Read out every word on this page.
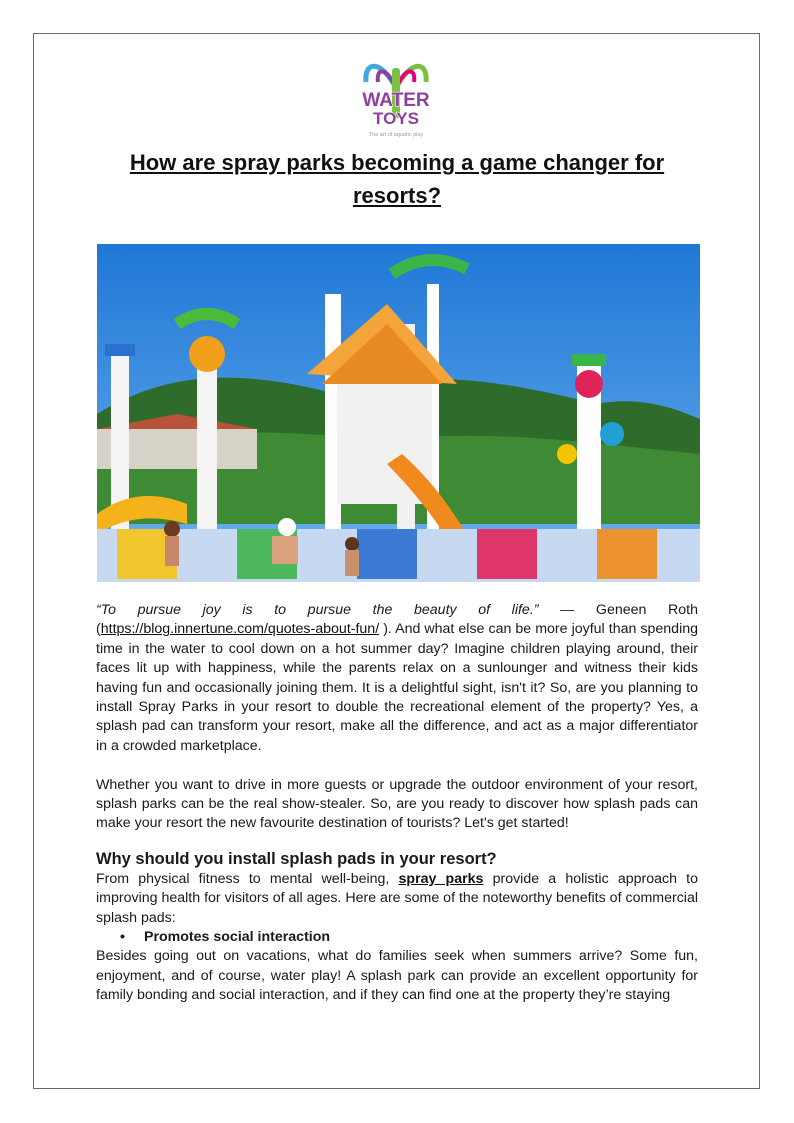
WATER
TOYS
The art of aquatic play
How are spray parks becoming a game changer for resorts?

“To pursue joy is to pursue the beauty of life.” — Geneen Roth (https://blog.innertune.com/quotes-about-fun/ ). And what else can be more joyful than spending time in the water to cool down on a hot summer day? Imagine children playing around, their faces lit up with happiness, while the parents relax on a sunlounger and witness their kids having fun and occasionally joining them. It is a delightful sight, isn't it? So, are you planning to install Spray Parks in your resort to double the recreational element of the property? Yes, a splash pad can transform your resort, make all the difference, and act as a major differentiator in a crowded marketplace.

Whether you want to drive in more guests or upgrade the outdoor environment of your resort, splash parks can be the real show-stealer. So, are you ready to discover how splash pads can make your resort the new favourite destination of tourists? Let's get started!

Why should you install splash pads in your resort?

From physical fitness to mental well-being, spray parks provide a holistic approach to improving health for visitors of all ages. Here are some of the noteworthy benefits of commercial splash pads:

• Promotes social interaction

Besides going out on vacations, what do families seek when summers arrive? Some fun, enjoyment, and of course, water play! A splash park can provide an excellent opportunity for family bonding and social interaction, and if they can find one at the property they’re staying
